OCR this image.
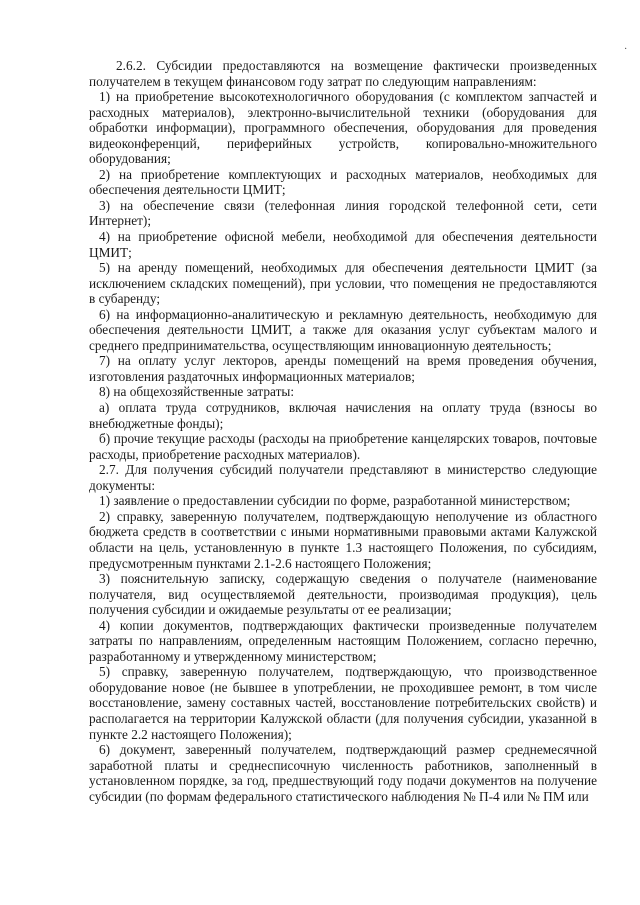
·

2.6.2. Субсидии предоставляются на возмещение фактически произведенных получателем в текущем финансовом году затрат по следующим направлениям:

1) на приобретение высокотехнологичного оборудования (с комплектом запчастей и расходных материалов), электронно-вычислительной техники (оборудования для обработки информации), программного обеспечения, оборудования для проведения видеоконференций, периферийных устройств, копировально-множительного оборудования;

2) на приобретение комплектующих и расходных материалов, необходимых для обеспечения деятельности ЦМИТ;

3) на обеспечение связи (телефонная линия городской телефонной сети, сети Интернет);

4) на приобретение офисной мебели, необходимой для обеспечения деятельности ЦМИТ;

5) на аренду помещений, необходимых для обеспечения деятельности ЦМИТ (за исключением складских помещений), при условии, что помещения не предоставляются в субаренду;

6) на информационно-аналитическую и рекламную деятельность, необходимую для обеспечения деятельности ЦМИТ, а также для оказания услуг субъектам малого и среднего предпринимательства, осуществляющим инновационную деятельность;

7) на оплату услуг лекторов, аренды помещений на время проведения обучения, изготовления раздаточных информационных материалов;

8) на общехозяйственные затраты:

а) оплата труда сотрудников, включая начисления на оплату труда (взносы во внебюджетные фонды);

б) прочие текущие расходы (расходы на приобретение канцелярских товаров, почтовые расходы, приобретение расходных материалов).

2.7. Для получения субсидий получатели представляют в министерство следующие документы:

1) заявление о предоставлении субсидии по форме, разработанной министерством;

2) справку, заверенную получателем, подтверждающую неполучение из областного бюджета средств в соответствии с иными нормативными правовыми актами Калужской области на цель, установленную в пункте 1.3 настоящего Положения, по субсидиям, предусмотренным пунктами 2.1-2.6 настоящего Положения;

3) пояснительную записку, содержащую сведения о получателе (наименование получателя, вид осуществляемой деятельности, производимая продукция), цель получения субсидии и ожидаемые результаты от ее реализации;

4) копии документов, подтверждающих фактически произведенные получателем затраты по направлениям, определенным настоящим Положением, согласно перечню, разработанному и утвержденному министерством;

5) справку, заверенную получателем, подтверждающую, что производственное оборудование новое (не бывшее в употреблении, не проходившее ремонт, в том числе восстановление, замену составных частей, восстановление потребительских свойств) и располагается на территории Калужской области (для получения субсидии, указанной в пункте 2.2 настоящего Положения);

6) документ, заверенный получателем, подтверждающий размер среднемесячной заработной платы и среднесписочную численность работников, заполненный в установленном порядке, за год, предшествующий году подачи документов на получение субсидии (по формам федерального статистического наблюдения № П-4 или № ПМ или
